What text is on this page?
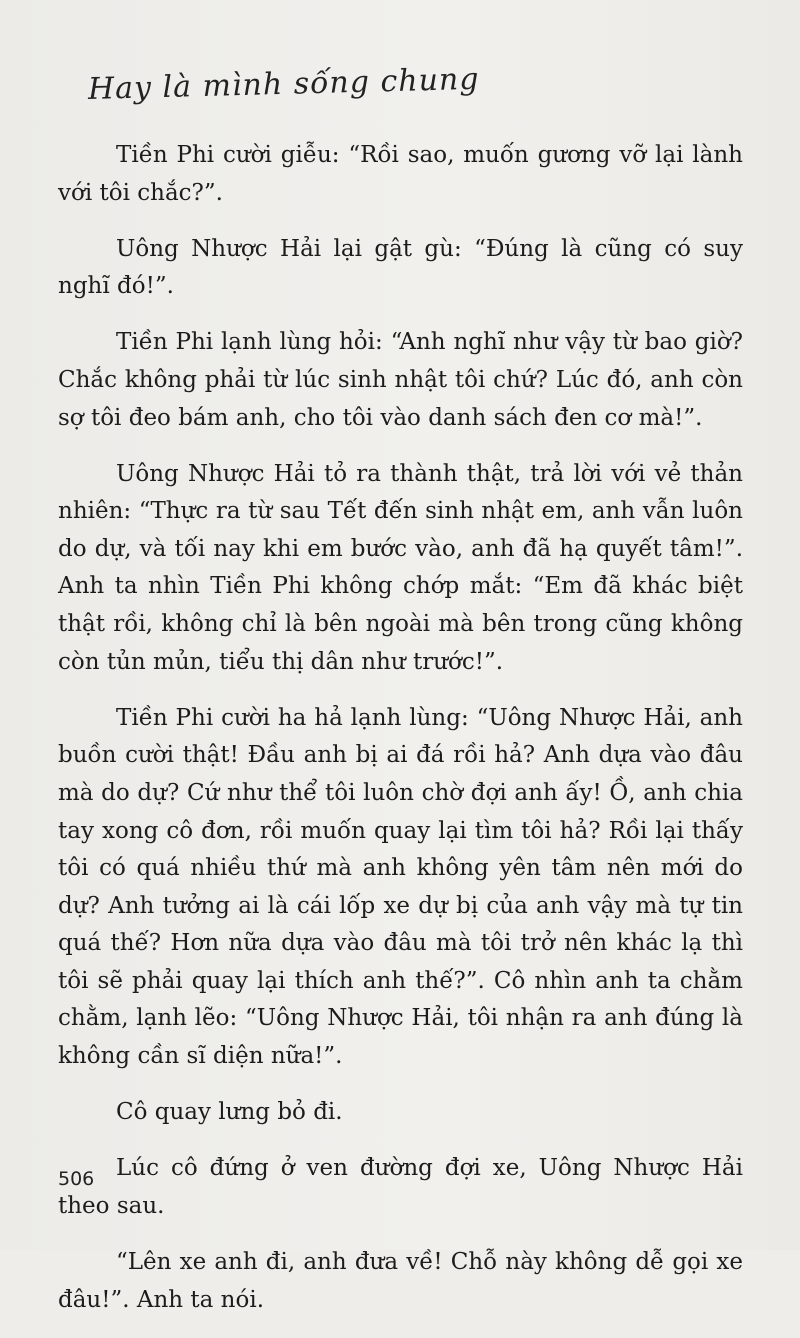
Hay là mình sống chung

Tiền Phi cười giễu: “Rồi sao, muốn gương vỡ lại lành với tôi chắc?”.

Uông Nhược Hải lại gật gù: “Đúng là cũng có suy nghĩ đó!”.

Tiền Phi lạnh lùng hỏi: “Anh nghĩ như vậy từ bao giờ? Chắc không phải từ lúc sinh nhật tôi chứ? Lúc đó, anh còn sợ tôi đeo bám anh, cho tôi vào danh sách đen cơ mà!”.

Uông Nhược Hải tỏ ra thành thật, trả lời với vẻ thản nhiên: “Thực ra từ sau Tết đến sinh nhật em, anh vẫn luôn do dự, và tối nay khi em bước vào, anh đã hạ quyết tâm!”. Anh ta nhìn Tiền Phi không chớp mắt: “Em đã khác biệt thật rồi, không chỉ là bên ngoài mà bên trong cũng không còn tủn mủn, tiểu thị dân như trước!”.

Tiền Phi cười ha hả lạnh lùng: “Uông Nhược Hải, anh buồn cười thật! Đầu anh bị ai đá rồi hả? Anh dựa vào đâu mà do dự? Cứ như thể tôi luôn chờ đợi anh ấy! Ồ, anh chia tay xong cô đơn, rồi muốn quay lại tìm tôi hả? Rồi lại thấy tôi có quá nhiều thứ mà anh không yên tâm nên mới do dự? Anh tưởng ai là cái lốp xe dự bị của anh vậy mà tự tin quá thế? Hơn nữa dựa vào đâu mà tôi trở nên khác lạ thì tôi sẽ phải quay lại thích anh thế?”. Cô nhìn anh ta chằm chằm, lạnh lẽo: “Uông Nhược Hải, tôi nhận ra anh đúng là không cần sĩ diện nữa!”.

Cô quay lưng bỏ đi.

Lúc cô đứng ở ven đường đợi xe, Uông Nhược Hải theo sau.

“Lên xe anh đi, anh đưa về! Chỗ này không dễ gọi xe đâu!”. Anh ta nói.

506
